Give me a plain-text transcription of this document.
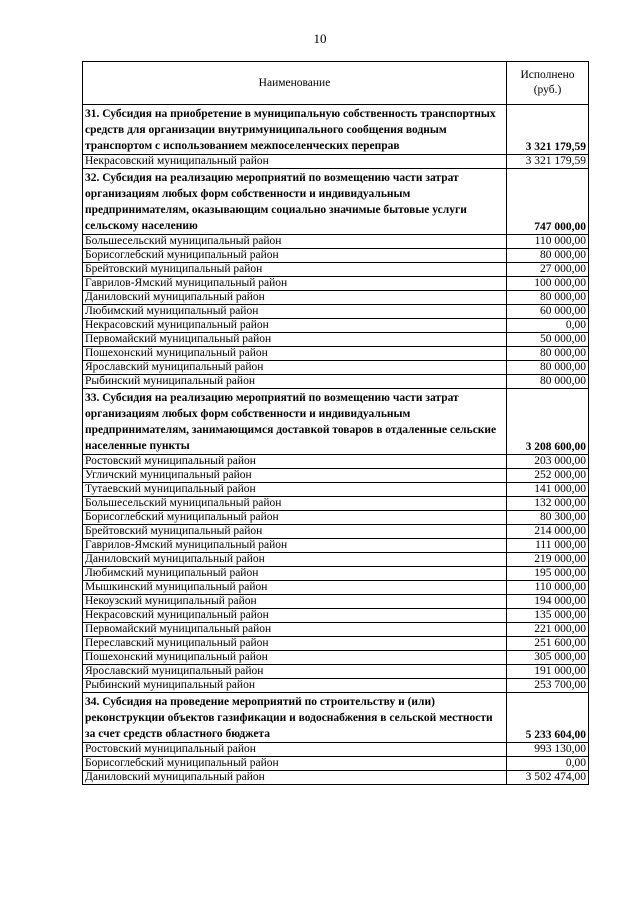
10
Наименование	Исполнено
(руб.)
31. Субсидия на приобретение в муниципальную собственность транспортных средств для организации внутримуниципального сообщения водным транспортом с использованием межпоселенческих переправ	3 321 179,59
Некрасовский муниципальный район	3 321 179,59
32. Субсидия на реализацию мероприятий по возмещению части затрат организациям любых форм собственности и индивидуальным предпринимателям, оказывающим социально значимые бытовые услуги сельскому населению	747 000,00
Большесельский муниципальный район	110 000,00
Борисоглебский муниципальный район	80 000,00
Брейтовский муниципальный район	27 000,00
Гаврилов-Ямский муниципальный район	100 000,00
Даниловский муниципальный район	80 000,00
Любимский муниципальный район	60 000,00
Некрасовский муниципальный район	0,00
Первомайский муниципальный район	50 000,00
Пошехонский муниципальный район	80 000,00
Ярославский муниципальный район	80 000,00
Рыбинский муниципальный район	80 000,00
33. Субсидия на реализацию мероприятий по возмещению части затрат организациям любых форм собственности и индивидуальным предпринимателям, занимающимся доставкой товаров в отдаленные сельские населенные пункты	3 208 600,00
Ростовский муниципальный район	203 000,00
Угличский муниципальный район	252 000,00
Тутаевский муниципальный район	141 000,00
Большесельский муниципальный район	132 000,00
Борисоглебский муниципальный район	80 300,00
Брейтовский муниципальный район	214 000,00
Гаврилов-Ямский муниципальный район	111 000,00
Даниловский муниципальный район	219 000,00
Любимский муниципальный район	195 000,00
Мышкинский муниципальный район	110 000,00
Некоузский муниципальный район	194 000,00
Некрасовский муниципальный район	135 000,00
Первомайский муниципальный район	221 000,00
Переславский муниципальный район	251 600,00
Пошехонский муниципальный район	305 000,00
Ярославский муниципальный район	191 000,00
Рыбинский муниципальный район	253 700,00
34. Субсидия на проведение мероприятий по строительству и (или) реконструкции объектов газификации и водоснабжения в сельской местности за счет средств областного бюджета	5 233 604,00
Ростовский муниципальный район	993 130,00
Борисоглебский муниципальный район	0,00
Даниловский муниципальный район	3 502 474,00
